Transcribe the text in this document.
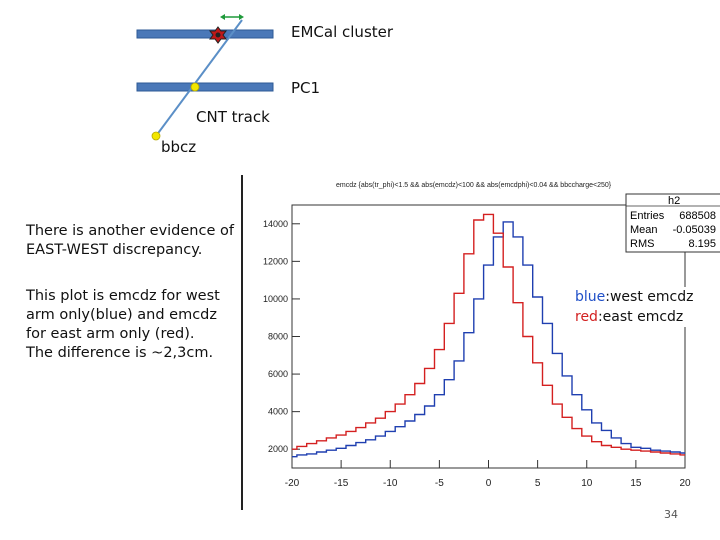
EMCal cluster
PC1
CNT track
bbcz

There is another evidence of

EAST-WEST discrepancy.

This plot is emcdz for west

arm only(blue) and emcdz

for east arm only (red).

The difference is ~2,3cm.

emcdz {abs(tr_phi)<1.5 && abs(emcdz)<100 && abs(emcdphi)<0.04 && bbccharge<250}
-20	-15	-10	-5	0	5	10	15	20
2000
4000
6000
8000
10000
12000
14000
h2
Entries 688508
Mean -0.05039
RMS	8.195
blue:west emcdz
red:east emcdz
34
